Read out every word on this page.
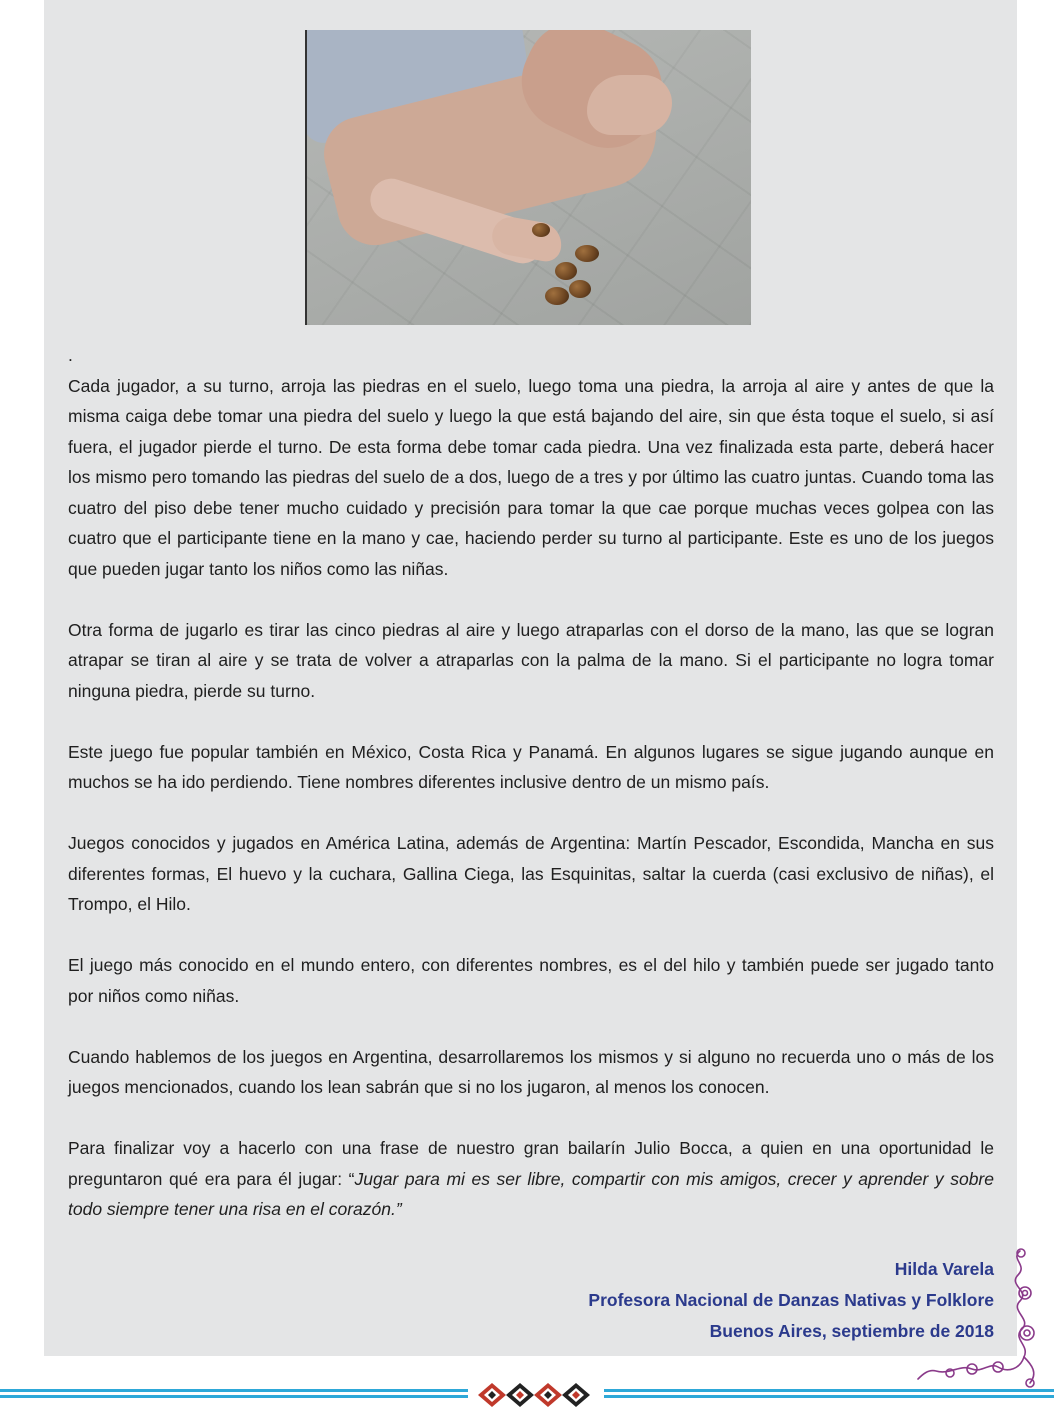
.

Cada jugador, a su turno, arroja las piedras en el suelo, luego toma una piedra, la arroja al aire y antes de que la misma caiga debe tomar una piedra del suelo y luego la que está bajando del aire, sin que ésta toque el suelo, si así fuera, el jugador pierde el turno. De esta forma debe tomar cada piedra. Una vez finalizada esta parte, deberá hacer los mismo pero tomando las piedras del suelo de a dos, luego de a tres y por último las cuatro juntas. Cuando toma las cuatro del piso debe tener mucho cuidado y precisión para tomar la que cae porque muchas veces golpea con las cuatro que el participante tiene en la mano y cae, haciendo perder su turno al participante. Este es uno de los juegos que pueden jugar tanto los niños como las niñas.

Otra forma de jugarlo es tirar las cinco piedras al aire y luego atraparlas con el dorso de la mano, las que se logran atrapar se tiran al aire y se trata de volver a atraparlas con la palma de la mano. Si el participante no logra tomar ninguna piedra, pierde su turno.

Este juego fue popular también en México, Costa Rica y Panamá. En algunos lugares se sigue jugando aunque en muchos se ha ido perdiendo. Tiene nombres diferentes inclusive dentro de un mismo país.

Juegos conocidos y jugados en América Latina, además de Argentina: Martín Pescador, Escondida, Mancha en sus diferentes formas, El huevo y la cuchara, Gallina Ciega, las Esquinitas, saltar la cuerda (casi exclusivo de niñas), el Trompo, el Hilo.

El juego más conocido en el mundo entero, con diferentes nombres, es el del hilo y también puede ser jugado tanto por niños como niñas.

Cuando hablemos de los juegos en Argentina, desarrollaremos los mismos y si alguno no recuerda uno o más de los juegos mencionados, cuando los lean sabrán que si no los jugaron, al menos los conocen.

Para finalizar voy a hacerlo con una frase de nuestro gran bailarín Julio Bocca, a quien en una oportunidad le preguntaron qué era para él jugar: “Jugar para mi es ser libre, compartir con mis amigos, crecer y aprender y sobre todo siempre tener una risa en el corazón.”

Hilda Varela
Profesora Nacional de Danzas Nativas y Folklore
Buenos Aires, septiembre de 2018
